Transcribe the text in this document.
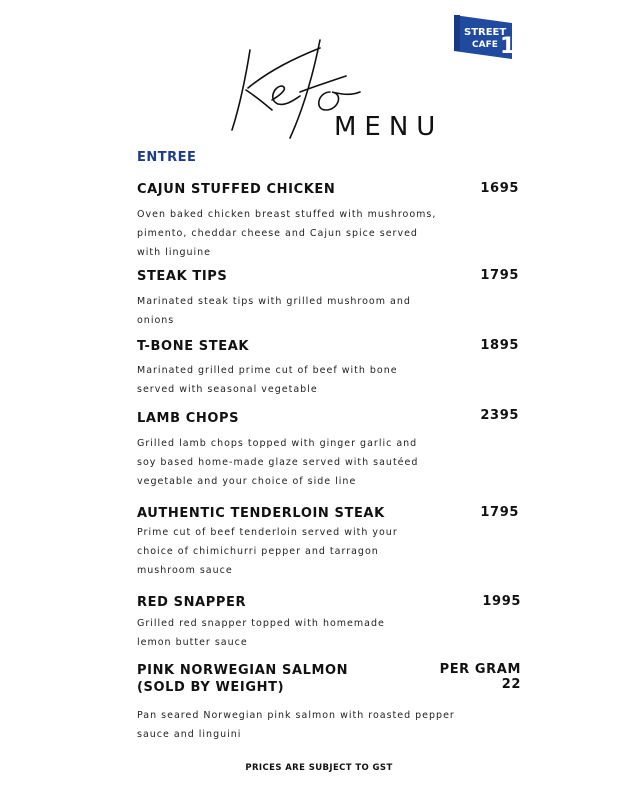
STREET
CAFE 1
MENU
ENTREE
CAJUN STUFFED CHICKEN	1695
Oven baked chicken breast stuffed with mushrooms,
pimento, cheddar cheese and Cajun spice served
with linguine
STEAK TIPS	1795
Marinated steak tips with grilled mushroom and
onions
T-BONE STEAK	1895
Marinated grilled prime cut of beef with bone
served with seasonal vegetable
LAMB CHOPS	2395
Grilled lamb chops topped with ginger garlic and
soy based home-made glaze served with sautéed
vegetable and your choice of side line
AUTHENTIC TENDERLOIN STEAK	1795
Prime cut of beef tenderloin served with your
choice of chimichurri pepper and tarragon
mushroom sauce
RED SNAPPER	1995
Grilled red snapper topped with homemade
lemon butter sauce
PINK NORWEGIAN SALMON
(SOLD BY WEIGHT)
PER GRAM 22
Pan seared Norwegian pink salmon with roasted pepper
sauce and linguini
PRICES ARE SUBJECT TO GST
